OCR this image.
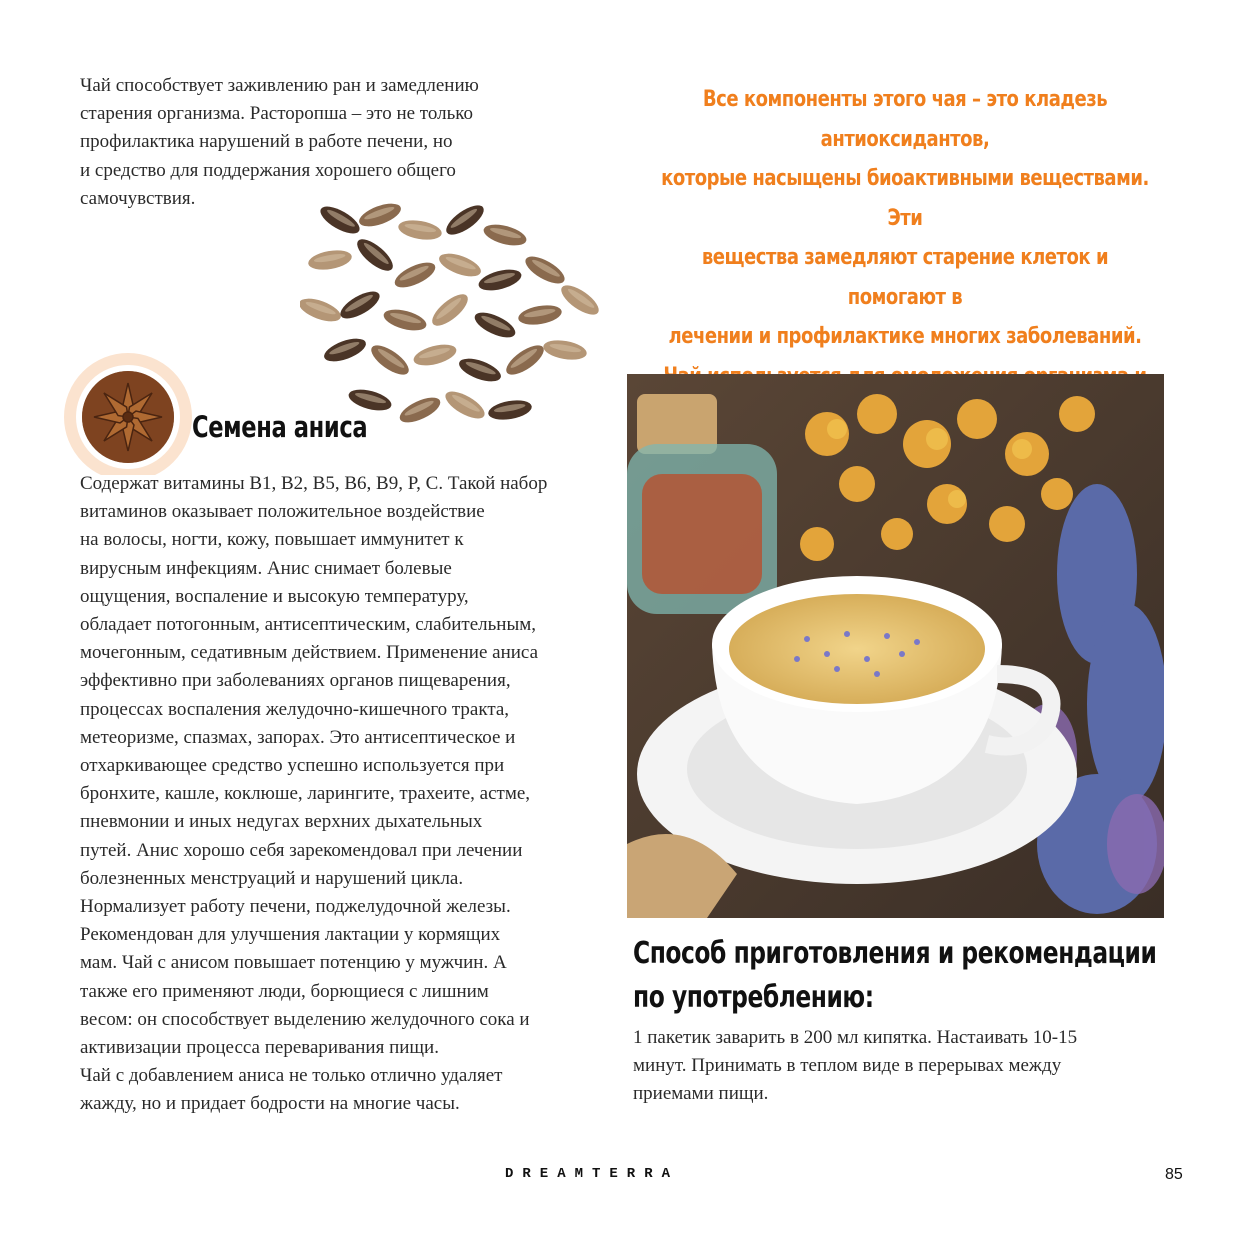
Чай способствует заживлению ран и замедлению
старения организма. Расторопша – это не только
профилактика нарушений в работе печени, но
и средство для поддержания хорошего общего
самочувствия.
Все компоненты этого чая – это кладезь антиоксидантов,
которые насыщены биоактивными веществами. Эти
вещества замедляют старение клеток и помогают в
лечении и профилактике многих заболеваний.

Семена аниса
Содержат витамины B1, B2, B5, B6, B9, P, C. Такой набор
витаминов оказывает положительное воздействие
на волосы, ногти, кожу, повышает иммунитет к
вирусным инфекциям. Анис снимает болевые
ощущения, воспаление и высокую температуру,
обладает потогонным, антисептическим, слабительным,
мочегонным, седативным действием. Применение аниса
эффективно при заболеваниях органов пищеварения,
процессах воспаления желудочно-кишечного тракта,
метеоризме, спазмах, запорах. Это антисептическое и
отхаркивающее средство успешно используется при
бронхите, кашле, коклюше, ларингите, трахеите, астме,
пневмонии и иных недугах верхних дыхательных
путей. Анис хорошо себя зарекомендовал при лечении
болезненных менструаций и нарушений цикла.
Нормализует работу печени, поджелудочной железы.
Рекомендован для улучшения лактации у кормящих
мам. Чай с анисом повышает потенцию у мужчин. А
также его применяют люди, борющиеся с лишним
весом: он способствует выделению желудочного сока и
активизации процесса переваривания пищи.
Чай с добавлением аниса не только отлично удаляет
жажду, но и придает бодрости на многие часы.
Способ приготовления и рекомендации
по употреблению:
1 пакетик заварить в 200 мл кипятка. Настаивать 10-15
минут. Принимать в теплом виде в перерывах между
приемами пищи.
DREAMTERRA	85
